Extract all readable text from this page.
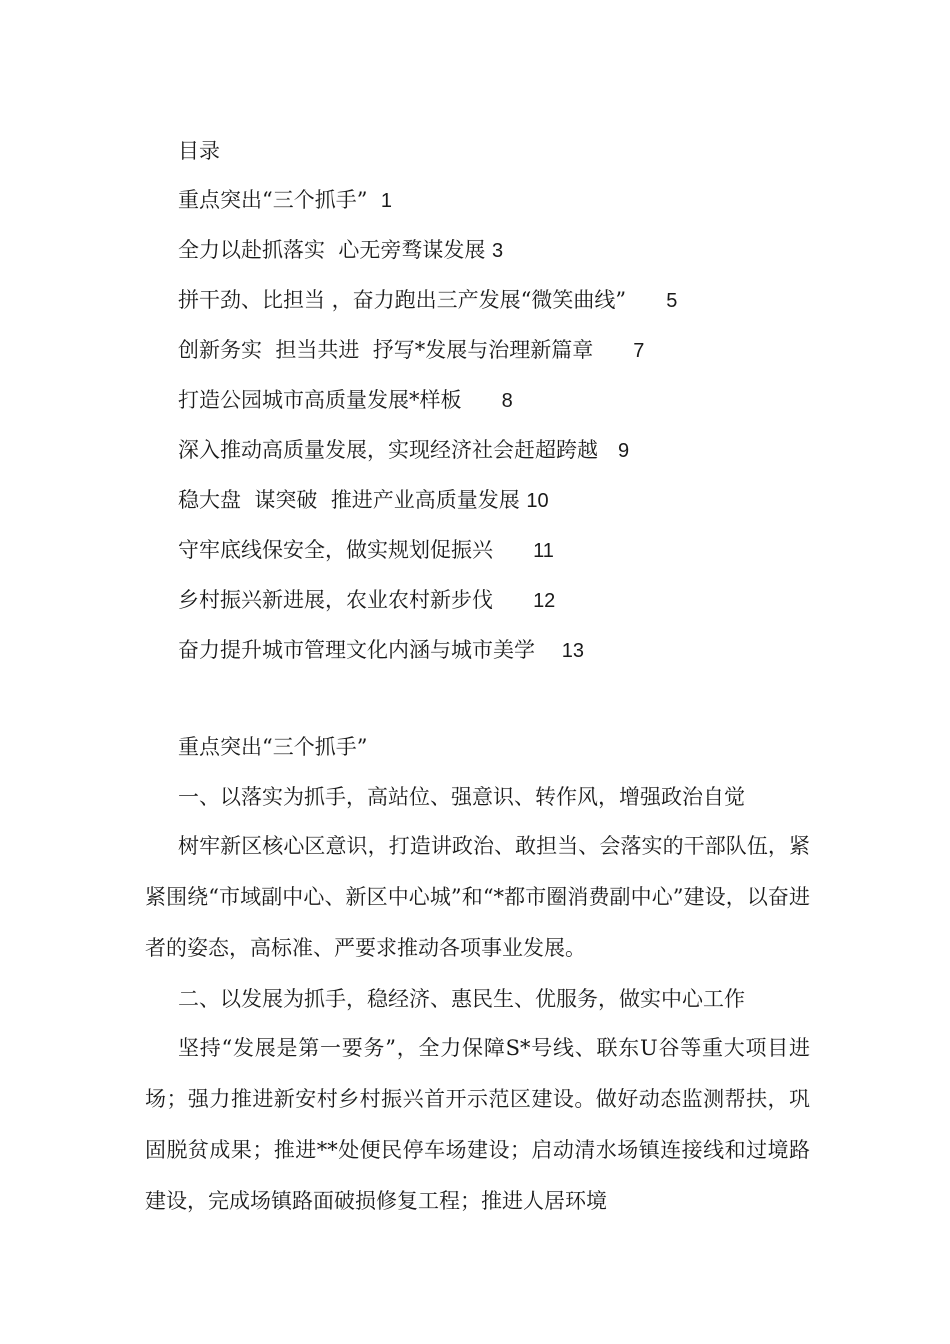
目录
重点突出“三个抓手” 1
全力以赴抓落实  心无旁骛谋发展 3
拼干劲、比担当 ，奋力跑出三产发展“微笑曲线” 5
创新务实  担当共进  抒写*发展与治理新篇章 7
打造公园城市高质量发展*样板 8
深入推动高质量发展，实现经济社会赶超跨越 9
稳大盘  谋突破  推进产业高质量发展 10
守牢底线保安全，做实规划促振兴 11
乡村振兴新进展，农业农村新步伐 12
奋力提升城市管理文化内涵与城市美学 13
重点突出“三个抓手”
一、以落实为抓手，高站位、强意识、转作风，增强政治自觉

树牢新区核心区意识，打造讲政治、敢担当、会落实的干部队伍，紧紧围绕“市域副中心、新区中心城”和“*都市圈消费副中心”建设，以奋进者的姿态，高标准、严要求推动各项事业发展。

二、以发展为抓手，稳经济、惠民生、优服务，做实中心工作

坚持“发展是第一要务”，全力保障S*号线、联东U谷等重大项目进场；强力推进新安村乡村振兴首开示范区建设。做好动态监测帮扶，巩固脱贫成果；推进**处便民停车场建设；启动清水场镇连接线和过境路建设，完成场镇路面破损修复工程；推进人居环境
